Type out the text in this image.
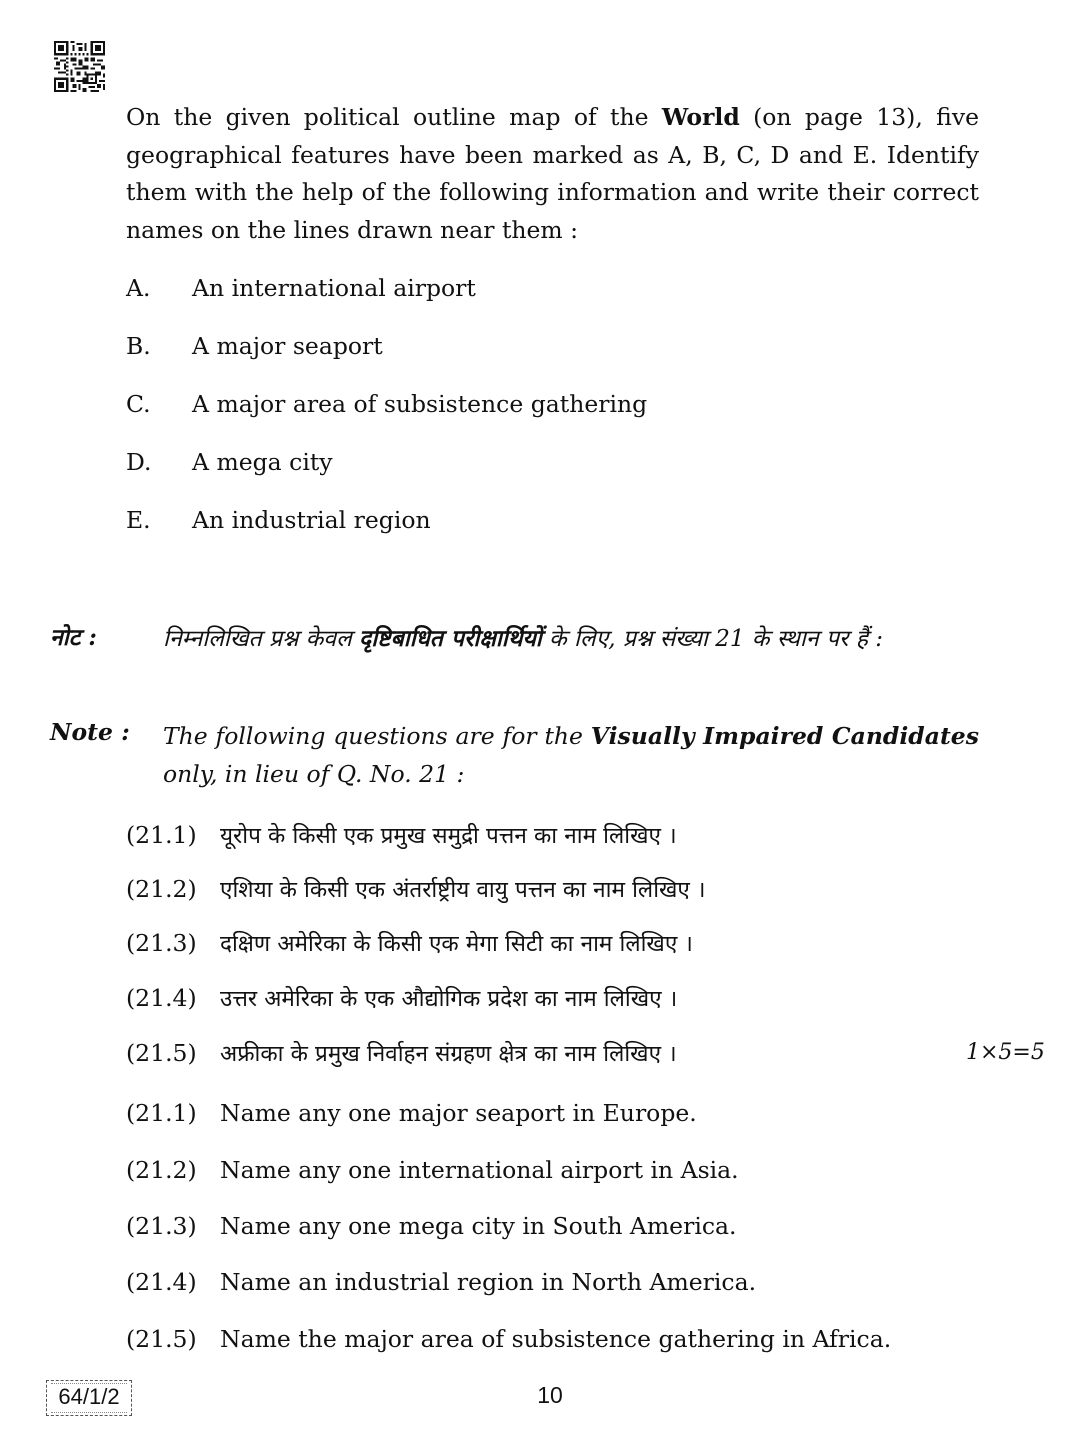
On the given political outline map of the World (on page 13), five geographical features have been marked as A, B, C, D and E. Identify them with the help of the following information and write their correct names on the lines drawn near them :

A. An international airport
B. A major seaport
C. A major area of subsistence gathering
D. A mega city
E. An industrial region
नोट :	निम्नलिखित प्रश्न केवल दृष्टिबाधित परीक्षार्थियों के लिए, प्रश्न संख्या 21 के स्थान पर हैं :

Note : The following questions are for the Visually Impaired Candidates only, in lieu of Q. No. 21 :

(21.1) यूरोप के किसी एक प्रमुख समुद्री पत्तन का नाम लिखिए ।
(21.2) एशिया के किसी एक अंतर्राष्ट्रीय वायु पत्तन का नाम लिखिए ।
(21.3) दक्षिण अमेरिका के किसी एक मेगा सिटी का नाम लिखिए ।
(21.4) उत्तर अमेरिका के एक औद्योगिक प्रदेश का नाम लिखिए ।
(21.5) अफ्रीका के प्रमुख निर्वाहन संग्रहण क्षेत्र का नाम लिखिए ।	1×5=5
(21.1) Name any one major seaport in Europe.
(21.2) Name any one international airport in Asia.
(21.3) Name any one mega city in South America.
(21.4) Name an industrial region in North America.
(21.5) Name the major area of subsistence gathering in Africa.
64/1/2	10
